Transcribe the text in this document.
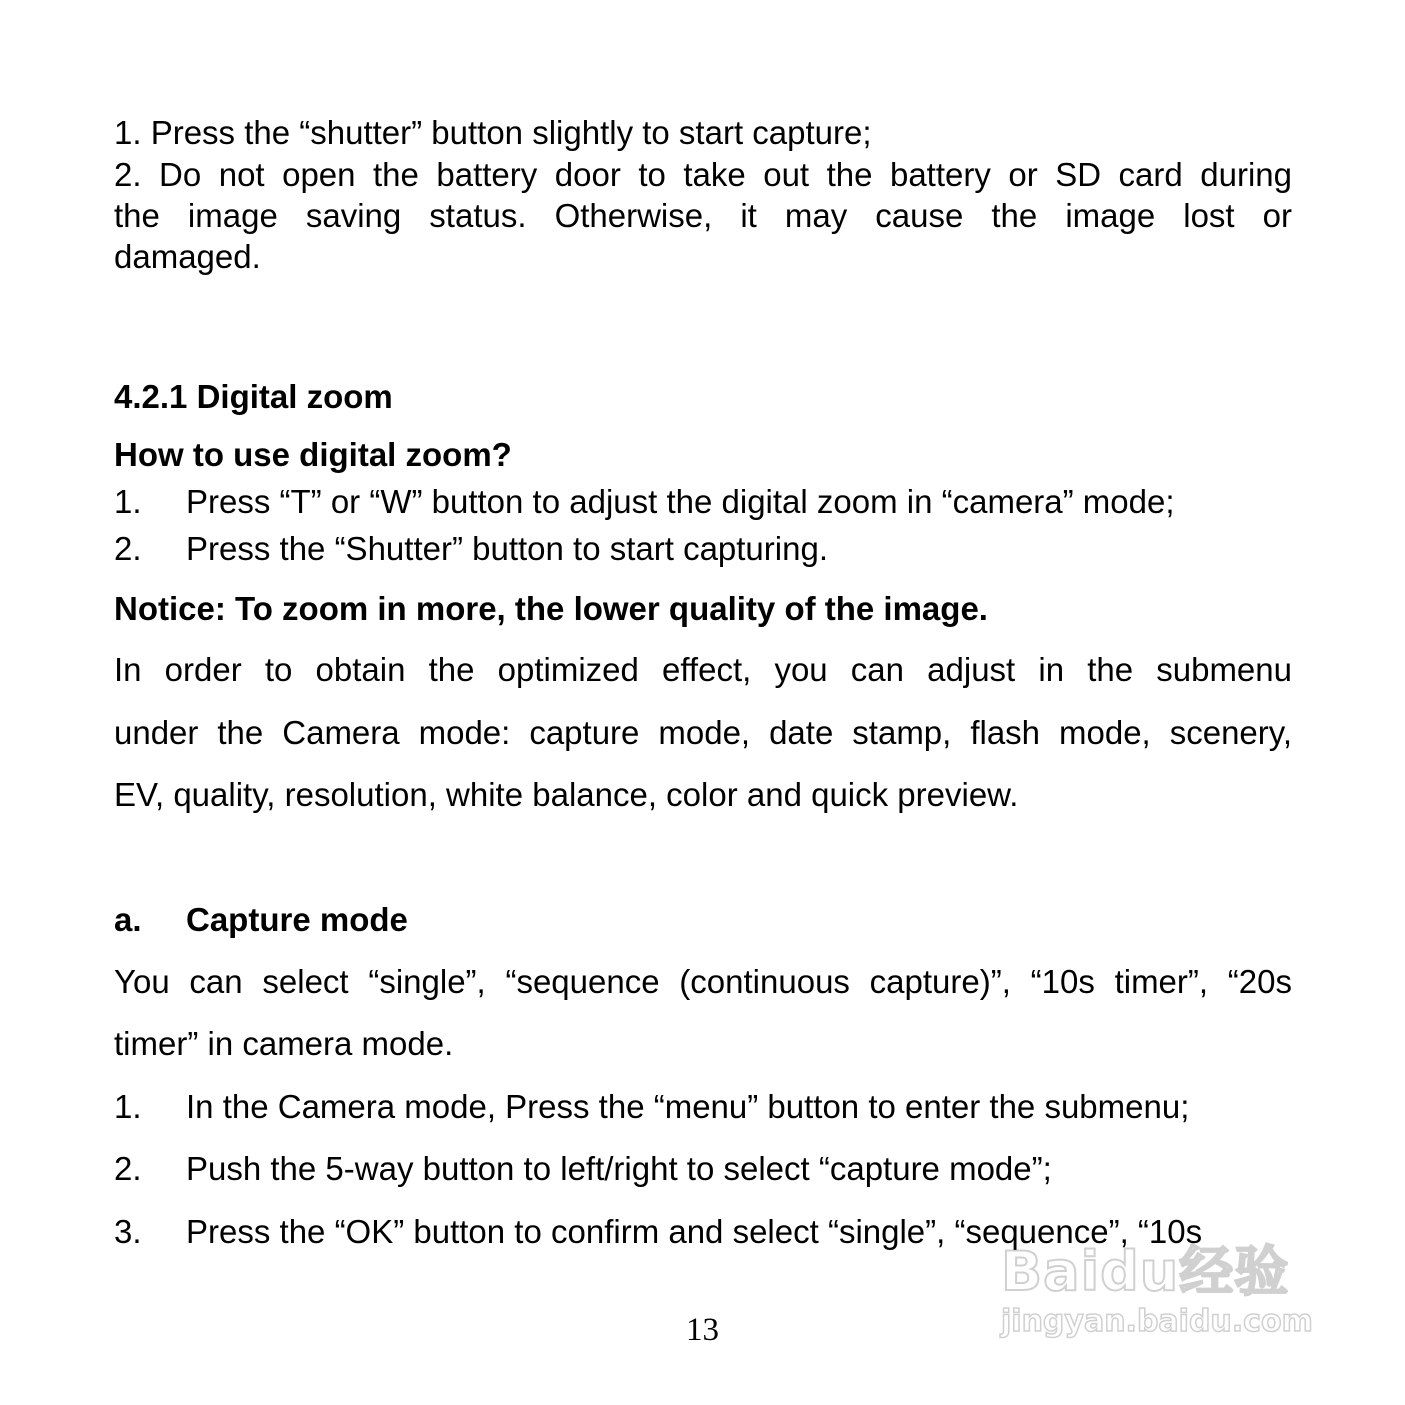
1. Press the “shutter” button slightly to start capture;
2. Do not open the battery door to take out the battery or SD card during
the image saving status. Otherwise, it may cause the image lost or
damaged.
4.2.1 Digital zoom
How to use digital zoom?
1. Press “T” or “W” button to adjust the digital zoom in “camera” mode;
2. Press the “Shutter” button to start capturing.
Notice: To zoom in more, the lower quality of the image.
In order to obtain the optimized effect, you can adjust in the submenu
under the Camera mode: capture mode, date stamp, flash mode, scenery,
EV, quality, resolution, white balance, color and quick preview.
a. Capture mode
You can select “single”, “sequence (continuous capture)”, “10s timer”, “20s
timer” in camera mode.
1. In the Camera mode, Press the “menu” button to enter the submenu;
2. Push the 5-way button to left/right to select “capture mode”;
3. Press the “OK” button to confirm and select “single”, “sequence”, “10s
13
Baidu经验
jingyan.baidu.com
